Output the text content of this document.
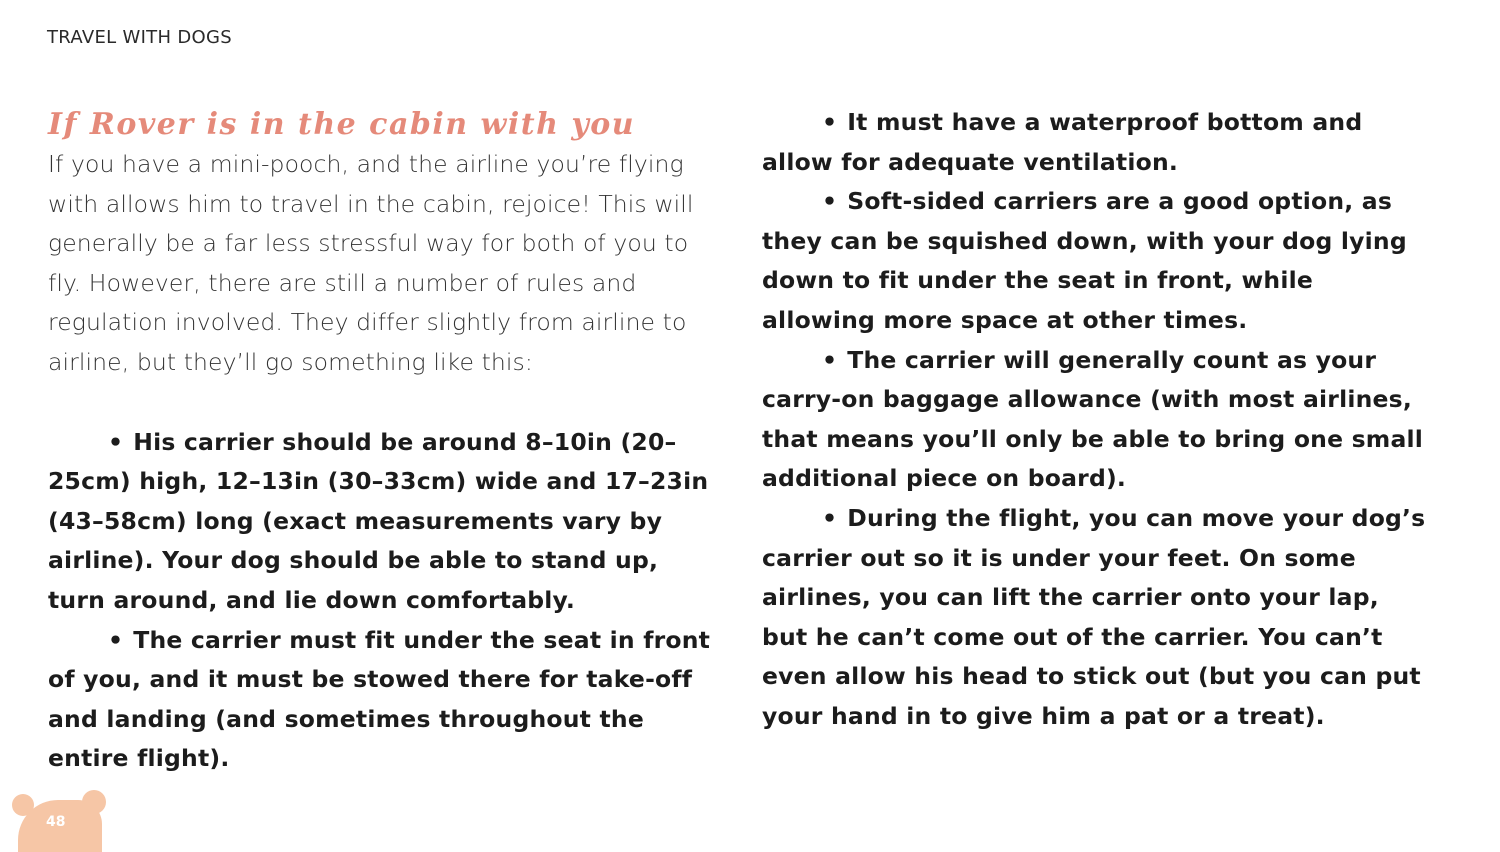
TRAVEL WITH DOGS
If Rover is in the cabin with you

If you have a mini-pooch, and the airline you’re flying with allows him to travel in the cabin, rejoice! This will generally be a far less stressful way for both of you to fly. However, there are still a number of rules and regulation involved. They differ slightly from airline to airline, but they’ll go something like this:

• His carrier should be around 8–10in (20–25cm) high, 12–13in (30–33cm) wide and 17–23in (43–58cm) long (exact measurements vary by airline). Your dog should be able to stand up, turn around, and lie down comfortably.
• The carrier must fit under the seat in front of you, and it must be stowed there for take-off and landing (and sometimes throughout the entire flight).
• It must have a waterproof bottom and allow for adequate ventilation.
• Soft-sided carriers are a good option, as they can be squished down, with your dog lying down to fit under the seat in front, while allowing more space at other times.
• The carrier will generally count as your carry-on baggage allowance (with most airlines, that means you’ll only be able to bring one small additional piece on board).
• During the flight, you can move your dog’s carrier out so it is under your feet. On some airlines, you can lift the carrier onto your lap, but he can’t come out of the carrier. You can’t even allow his head to stick out (but you can put your hand in to give him a pat or a treat).
48
